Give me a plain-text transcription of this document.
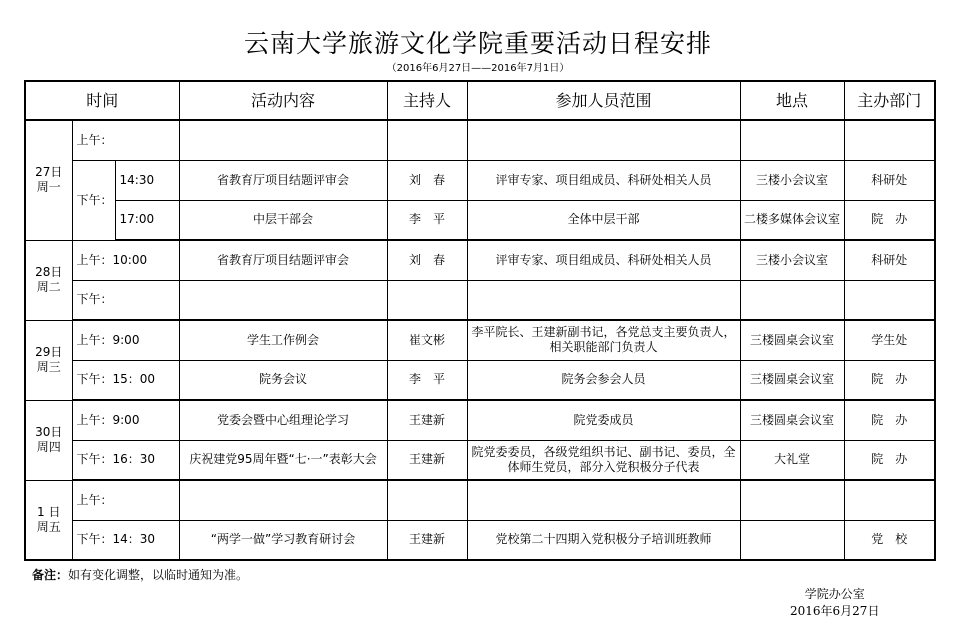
云南大学旅游文化学院重要活动日程安排
（2016年6月27日——2016年7月1日）
时间			活动内容	主持人	参加人员范围	地点	主办部门

27日
周一	上午：						
	下午：	14:30	省教育厅项目结题评审会	刘　春	评审专家、项目组成员、科研处相关人员	三楼小会议室	科研处
		17:00	中层干部会	李　平	全体中层干部	二楼多媒体会议室	院　办

28日
周二	上午：10:00		省教育厅项目结题评审会	刘　春	评审专家、项目组成员、科研处相关人员	三楼小会议室	科研处
	下午：						

29日
周三	上午：9:00		学生工作例会	崔文彬	李平院长、王建新副书记，各党总支主要负责人，相关职能部门负责人	三楼圆桌会议室	学生处
	下午：15：00		院务会议	李　平	院务会参会人员	三楼圆桌会议室	院　办

30日
周四	上午：9:00		党委会暨中心组理论学习	王建新	院党委成员	三楼圆桌会议室	院　办
	下午：16：30		庆祝建党95周年暨“七·一”表彰大会	王建新	院党委委员，各级党组织书记、副书记、委员，全体师生党员，部分入党积极分子代表	大礼堂	院　办

1 日
周五	上午：						
	下午：14：30		“两学一做”学习教育研讨会	王建新	党校第二十四期入党积极分子培训班教师		党　校
备注：如有变化调整，以临时通知为准。
学院办公室
2016年6月27日
